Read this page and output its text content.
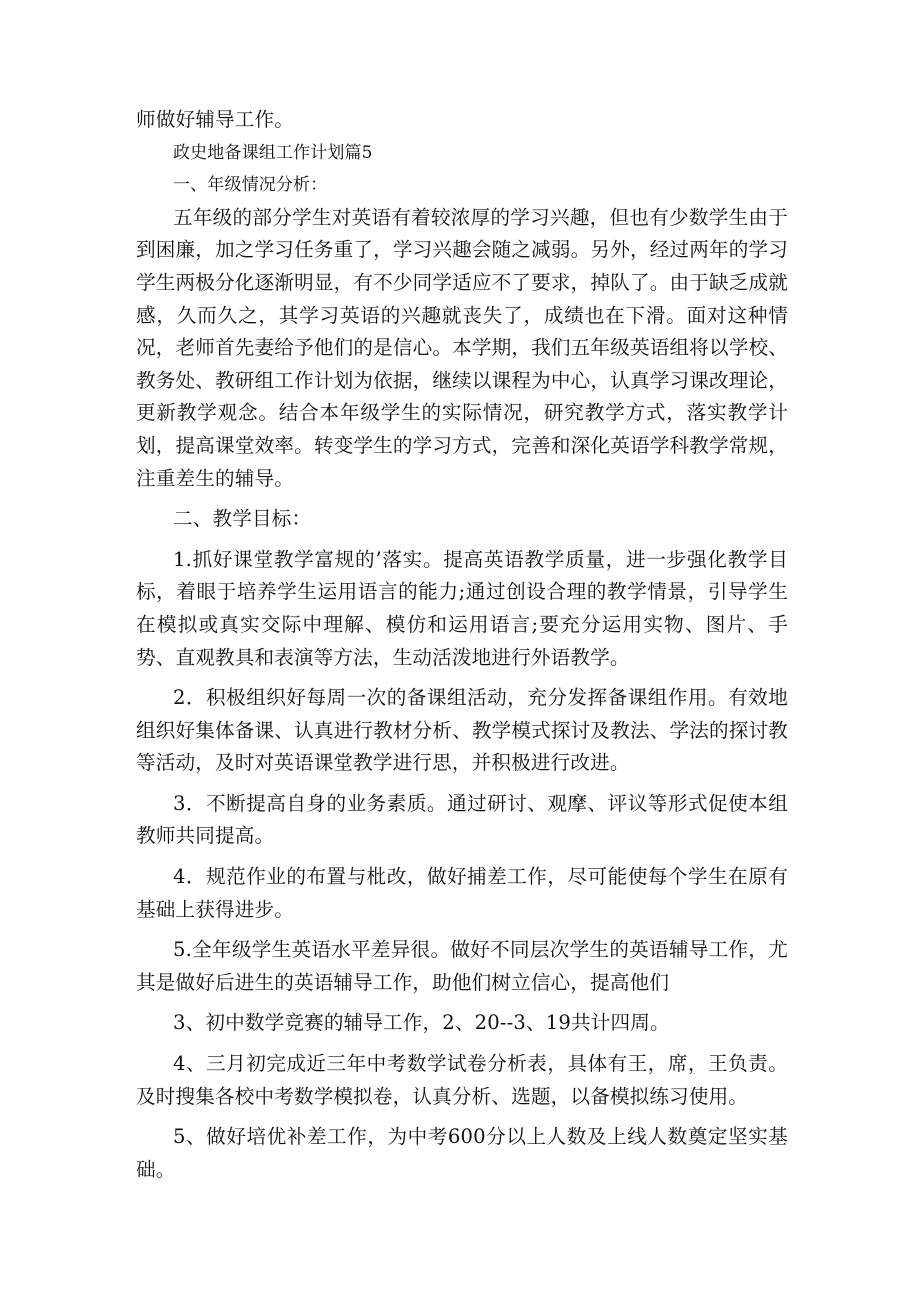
师做好辅导工作。

政史地备课组工作计划篇5

一、年级情况分析：

五年级的部分学生对英语有着较浓厚的学习兴趣，但也有少数学生由于到困廉，加之学习任务重了，学习兴趣会随之减弱。另外，经过两年的学习学生两极分化逐渐明显，有不少同学适应不了要求，掉队了。由于缺乏成就感，久而久之，其学习英语的兴趣就丧失了，成绩也在下滑。面对这种情况，老师首先妻给予他们的是信心。本学期，我们五年级英语组将以学校、教务处、教研组工作计划为依据，继续以课程为中心，认真学习课改理论，更新教学观念。结合本年级学生的实际情况，研究教学方式，落实教学计划，提高课堂效率。转变学生的学习方式，完善和深化英语学科教学常规，注重差生的辅导。

二、教学目标：

1.抓好课堂教学富规的’落实。提高英语教学质量，进一步强化教学目标，着眼于培养学生运用语言的能力;通过创设合理的教学情景，引导学生在模拟或真实交际中理解、模仿和运用语言;要充分运用实物、图片、手势、直观教具和表演等方法，生动活泼地进行外语教学。

2．积极组织好每周一次的备课组活动，充分发挥备课组作用。有效地组织好集体备课、认真进行教材分析、教学模式探讨及教法、学法的探讨教等活动，及时对英语课堂教学进行思，并积极进行改进。

3．不断提高自身的业务素质。通过研讨、观摩、评议等形式促使本组教师共同提高。

4．规范作业的布置与枇改，做好捕差工作，尽可能使每个学生在原有基础上获得进步。

5.全年级学生英语水平差异很。做好不同层次学生的英语辅导工作，尤其是做好后进生的英语辅导工作，助他们树立信心，提高他们

3、初中数学竞赛的辅导工作，2、20--3、19共计四周。

4、三月初完成近三年中考数学试卷分析表，具体有王，席，王负责。及时搜集各校中考数学模拟卷，认真分析、选题，以备模拟练习使用。

5、做好培优补差工作，为中考600分以上人数及上线人数奠定坚实基础。
